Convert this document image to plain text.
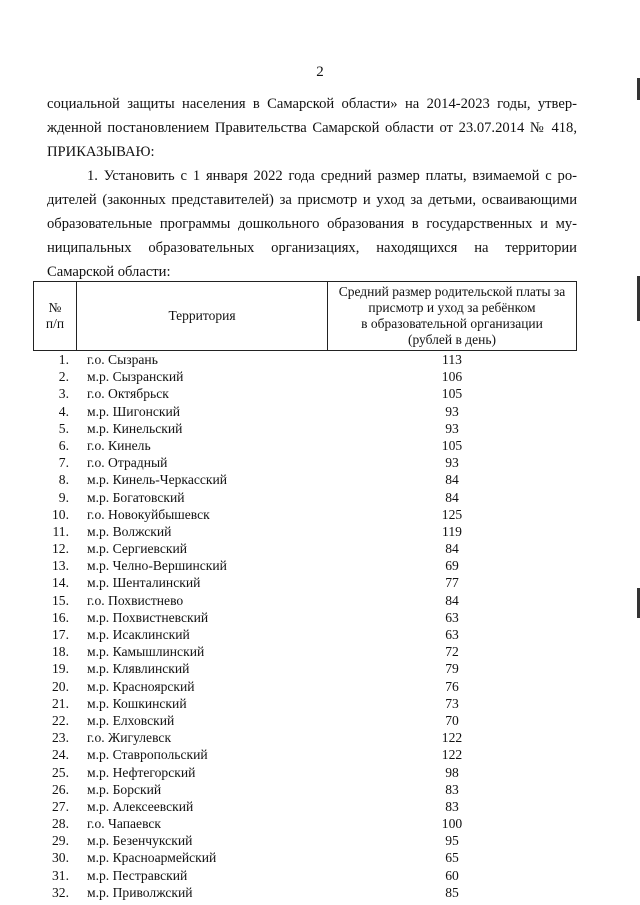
2
социальной защиты населения в Самарской области» на 2014-2023 годы, утвер-
жденной постановлением Правительства Самарской области от 23.07.2014 № 418,
ПРИКАЗЫВАЮ:
1. Установить с 1 января 2022 года средний размер платы, взимаемой с ро-
дителей (законных представителей) за присмотр и уход за детьми, осваивающими
образовательные программы дошкольного образования в государственных и му-
ниципальных образовательных организациях, находящихся на территории
Самарской области:
№
п/п
Территория
Средний размер родительской платы за
присмотр и уход за ребёнком
в образовательной организации
(рублей в день)
1. г.о. Сызрань	113
2. м.р. Сызранский	106
3. г.о. Октябрьск	105
4. м.р. Шигонский	93
5. м.р. Кинельский	93
6. г.о. Кинель	105
7. г.о. Отрадный	93
8. м.р. Кинель-Черкасский	84
9. м.р. Богатовский	84
10. г.о. Новокуйбышевск	125
11. м.р. Волжский	119
12. м.р. Сергиевский	84
13. м.р. Челно-Вершинский	69
14. м.р. Шенталинский	77
15. г.о. Похвистнево	84
16. м.р. Похвистневский	63
17. м.р. Исаклинский	63
18. м.р. Камышлинский	72
19. м.р. Клявлинский	79
20. м.р. Красноярский	76
21. м.р. Кошкинский	73
22. м.р. Елховский	70
23. г.о. Жигулевск	122
24. м.р. Ставропольский	122
25. м.р. Нефтегорский	98
26. м.р. Борский	83
27. м.р. Алексеевский	83
28. г.о. Чапаевск	100
29. м.р. Безенчукский	95
30. м.р. Красноармейский	65
31. м.р. Пестравский	60
32. м.р. Приволжский	85
